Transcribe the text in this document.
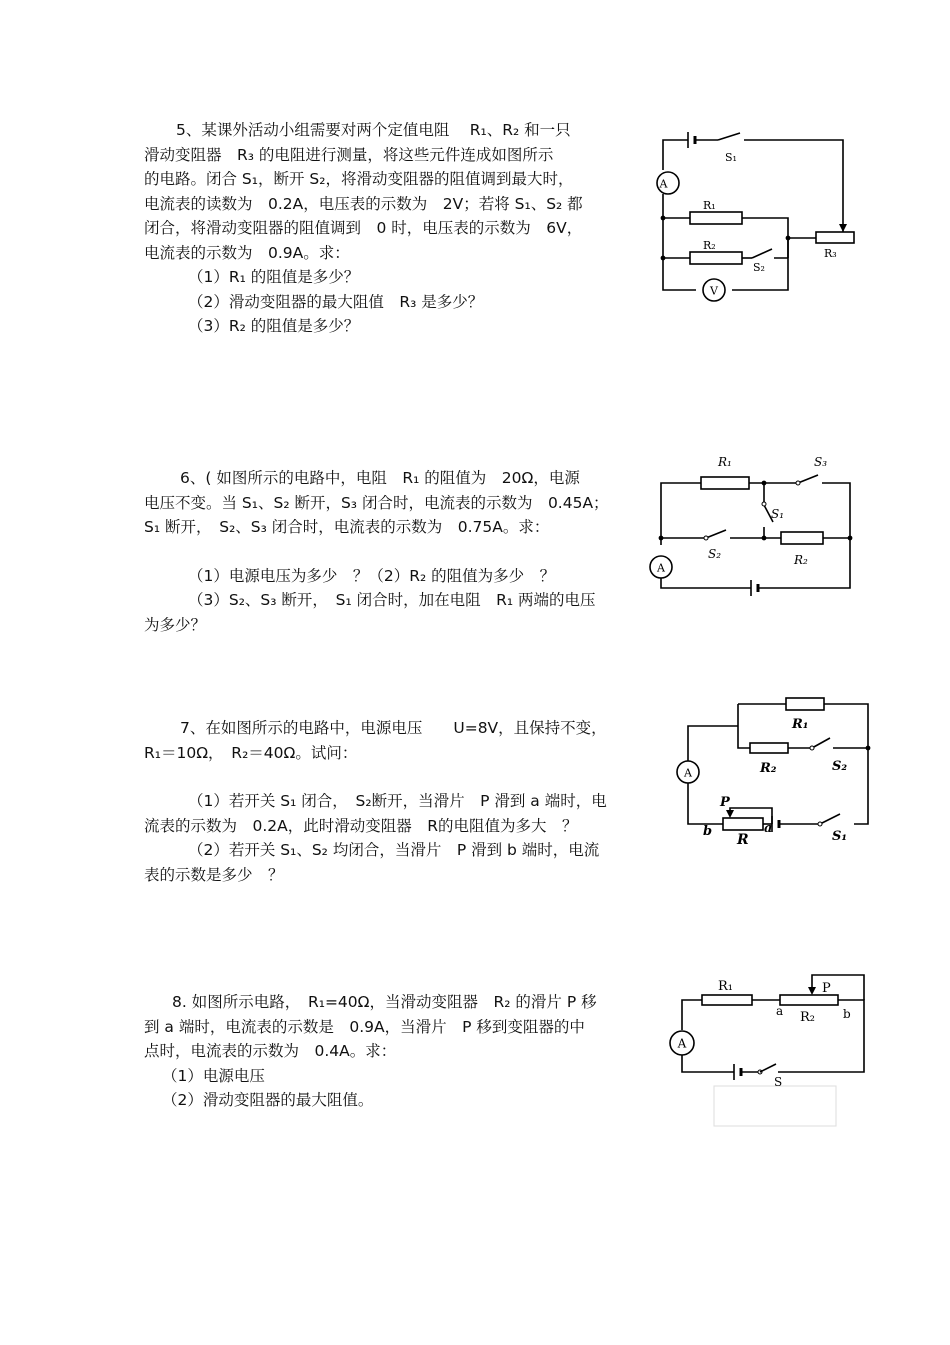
5、某课外活动小组需要对两个定值电阻　 R₁、R₂ 和一只

滑动变阻器　R₃ 的电阻进行测量，将这些元件连成如图所示

的电路。闭合 S₁，断开 S₂，将滑动变阻器的阻值调到最大时，

电流表的读数为　0.2A，电压表的示数为　2V；若将 S₁、S₂ 都

闭合，将滑动变阻器的阻值调到　0 时，电压表的示数为　6V，

电流表的示数为　0.9A。求：

（1）R₁ 的阻值是多少？

（2）滑动变阻器的最大阻值　R₃ 是多少？

（3）R₂ 的阻值是多少？

A
V
S₁
R₁
R₂
S₂
R₃

6、( 如图所示的电路中，电阻　R₁ 的阻值为　20Ω，电源

电压不变。当 S₁、S₂ 断开，S₃ 闭合时，电流表的示数为　0.45A；

S₁ 断开，　S₂、S₃ 闭合时，电流表的示数为　0.75A。求：

（1）电源电压为多少　？（2）R₂ 的阻值为多少　？

（3）S₂、S₃ 断开，　S₁ 闭合时，加在电阻　R₁ 两端的电压

为多少？

A
R₁	S₃
S₁
S₂	R₂

7、在如图所示的电路中，电源电压　　U=8V，且保持不变，

R₁＝10Ω，　R₂＝40Ω。试问：

（1）若开关 S₁ 闭合，　S₂断开，当滑片　P 滑到 a 端时，电

流表的示数为　0.2A，此时滑动变阻器　R的电阻值为多大　？

（2）若开关 S₁、S₂ 均闭合，当滑片　P 滑到 b 端时，电流

表的示数是多少　？

A
R₁
R₂	S₂
P
b	a
R	S₁

8. 如图所示电路，　R₁=40Ω，当滑动变阻器　R₂ 的滑片 P 移

到 a 端时，电流表的示数是　0.9A，当滑片　P 移到变阻器的中

点时，电流表的示数为　0.4A。求：

（1）电源电压

（2）滑动变阻器的最大阻值。

A
R₁	P
a R₂ b
S
